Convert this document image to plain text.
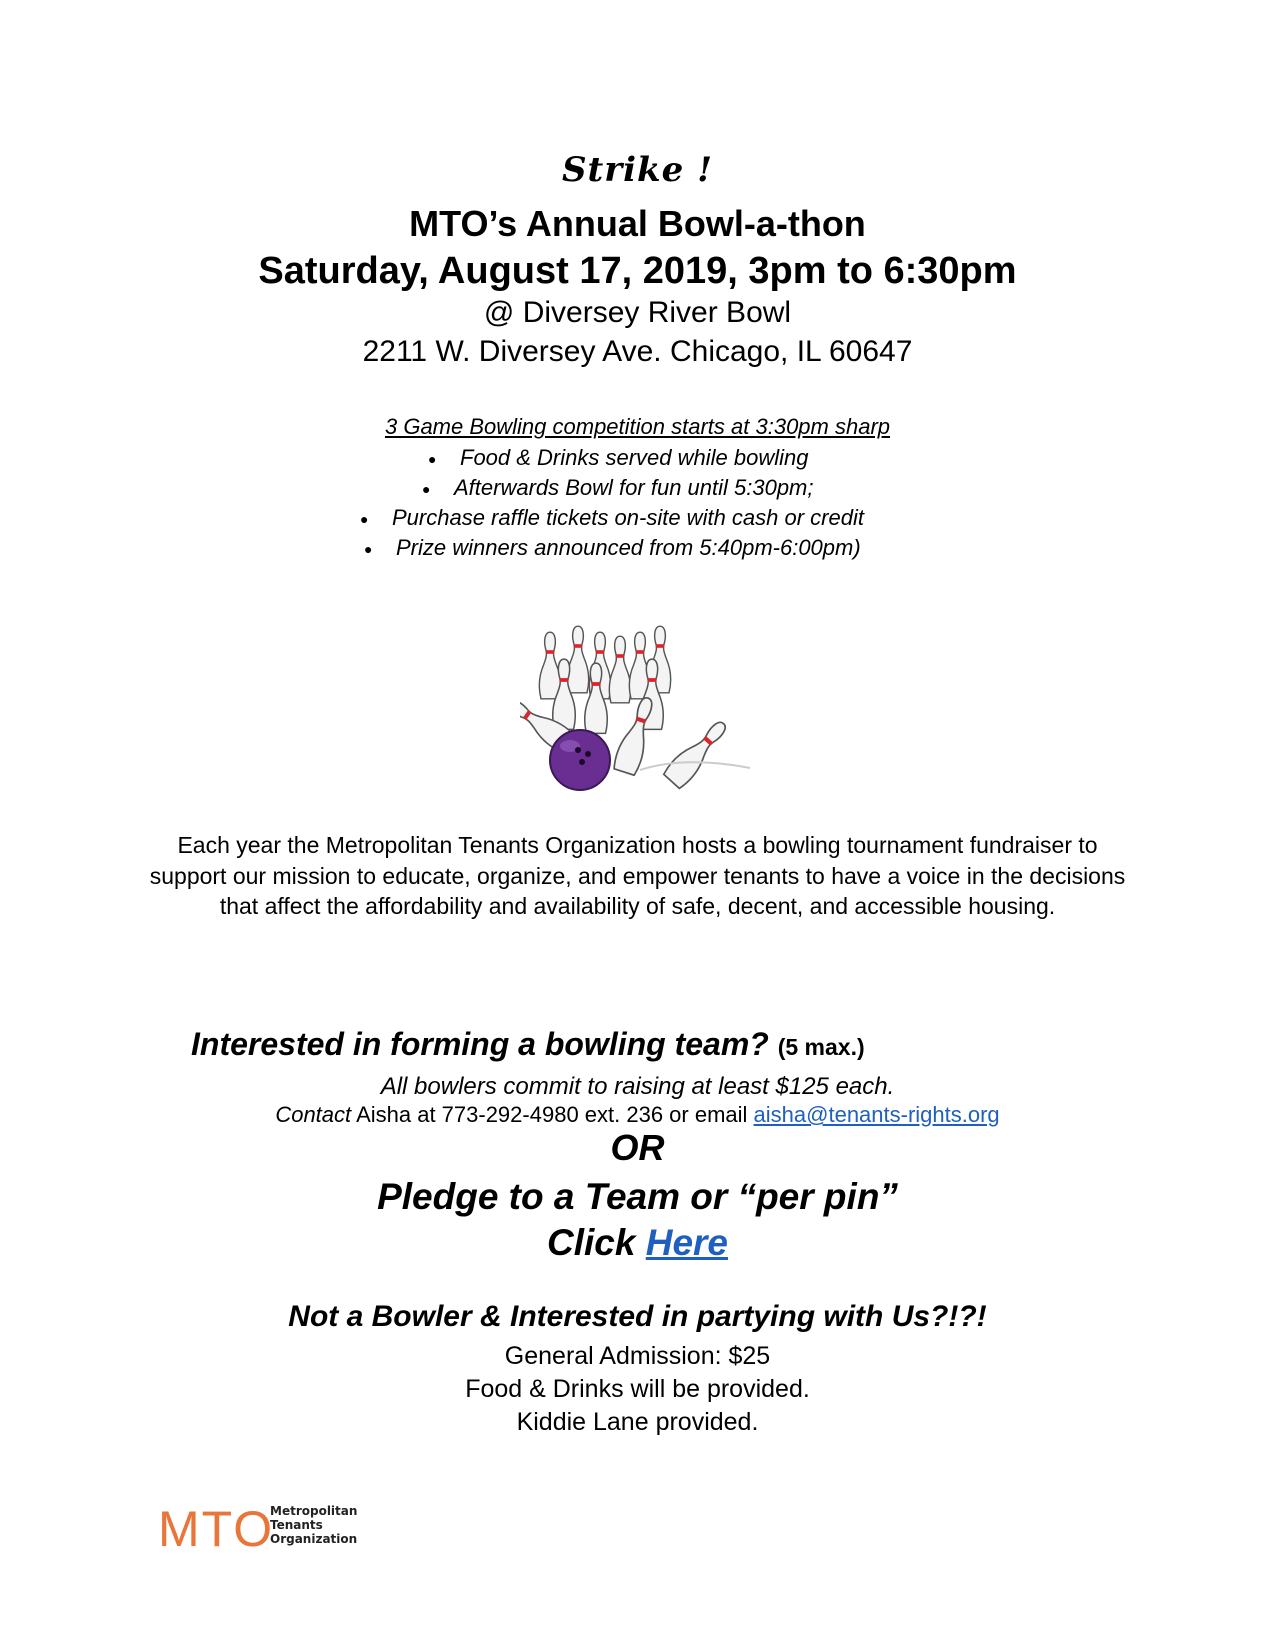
Strike !
MTO’s Annual Bowl-a-thon
Saturday, August 17, 2019, 3pm to 6:30pm
@ Diversey River Bowl
2211 W. Diversey Ave. Chicago, IL 60647
3 Game Bowling competition starts at 3:30pm sharp
● Food & Drinks served while bowling
● Afterwards Bowl for fun until 5:30pm;
● Purchase raffle tickets on-site with cash or credit
● Prize winners announced from 5:40pm-6:00pm)
Each year the Metropolitan Tenants Organization hosts a bowling tournament fundraiser to support our mission to educate, organize, and empower tenants to have a voice in the decisions that affect the affordability and availability of safe, decent, and accessible housing.
Interested in forming a bowling team? (5 max.)
All bowlers commit to raising at least $125 each.
Contact Aisha at 773-292-4980 ext. 236 or email aisha@tenants-rights.org
OR
Pledge to a Team or “per pin”
Click Here
Not a Bowler & Interested in partying with Us?!?!
General Admission: $25
Food & Drinks will be provided.
Kiddie Lane provided.
MTO
Metropolitan
Tenants
Organization
